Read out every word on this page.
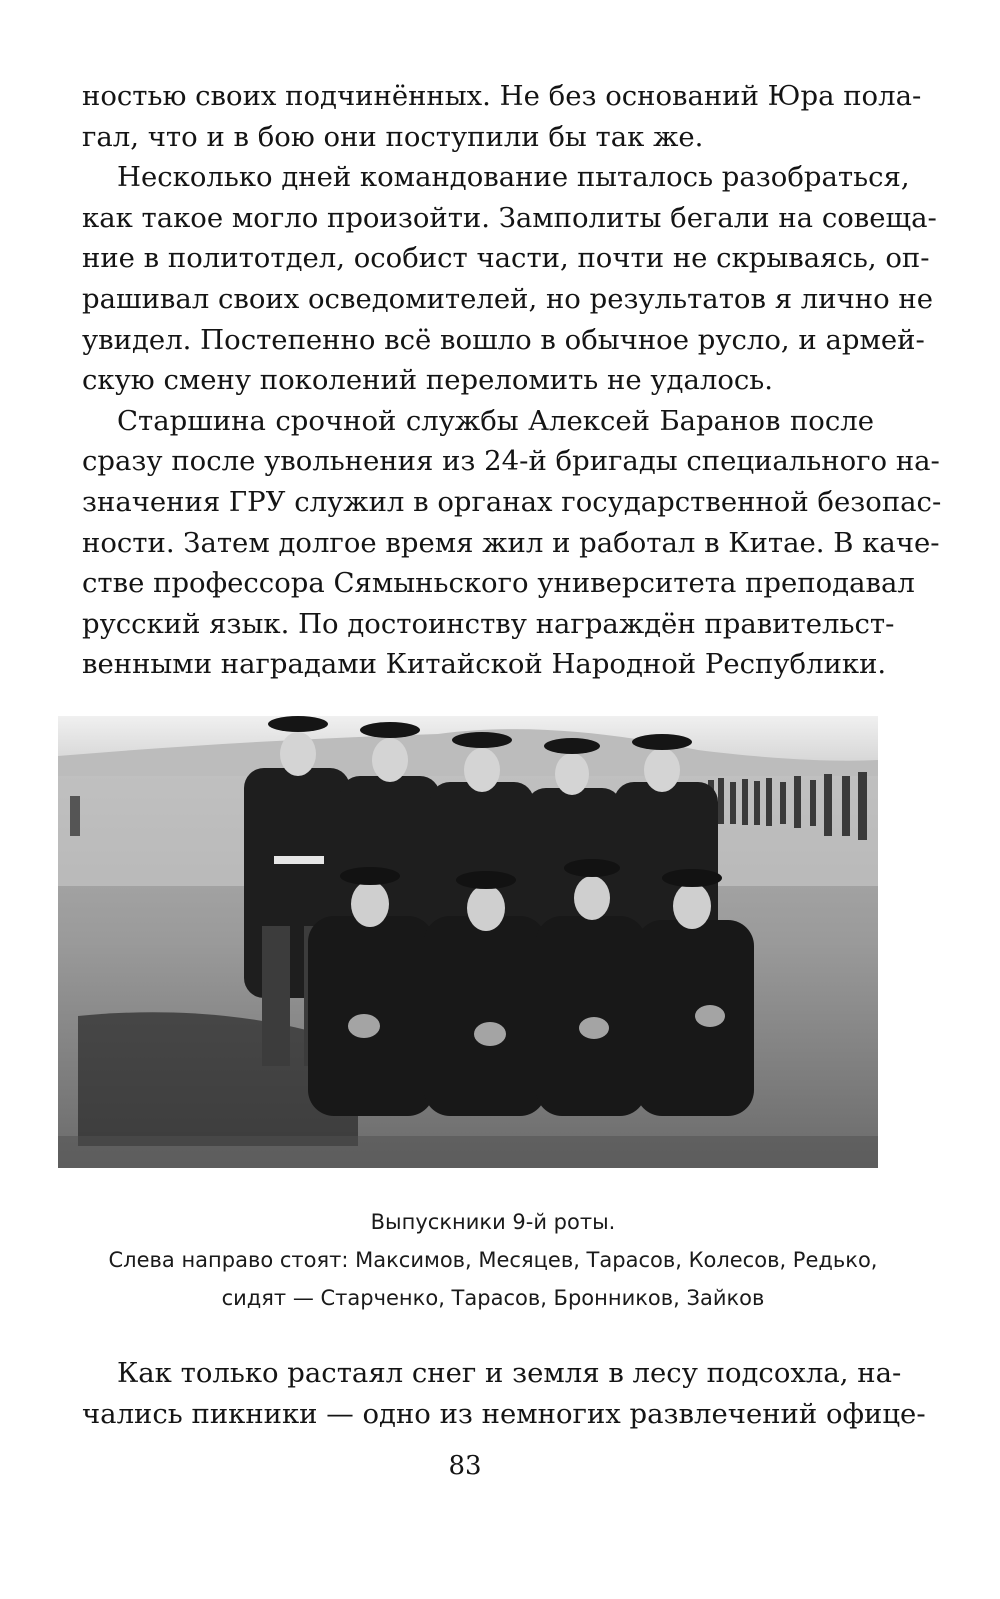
ностью своих подчинённых. Не без оснований Юра пола-
гал, что и в бою они поступили бы так же.
Несколько дней командование пыталось разобраться,
как такое могло произойти. Замполиты бегали на совеща-
ние в политотдел, особист части, почти не скрываясь, оп-
рашивал своих осведомителей, но результатов я лично не
увидел. Постепенно всё вошло в обычное русло, и армей-
скую смену поколений переломить не удалось.
Старшина срочной службы Алексей Баранов после
сразу после увольнения из 24-й бригады специального на-
значения ГРУ служил в органах государственной безопас-
ности. Затем долгое время жил и работал в Китае. В каче-
стве профессора Сямыньского университета преподавал
русский язык. По достоинству награждён правительст-
венными наградами Китайской Народной Республики.

Выпускники 9-й роты.

Слева направо стоят: Максимов, Месяцев, Тарасов, Колесов, Редько,

сидят — Старченко, Тарасов, Бронников, Зайков

Как только растаял снег и земля в лесу подсохла, на-
чались пикники — одно из немногих развлечений офице-
83
